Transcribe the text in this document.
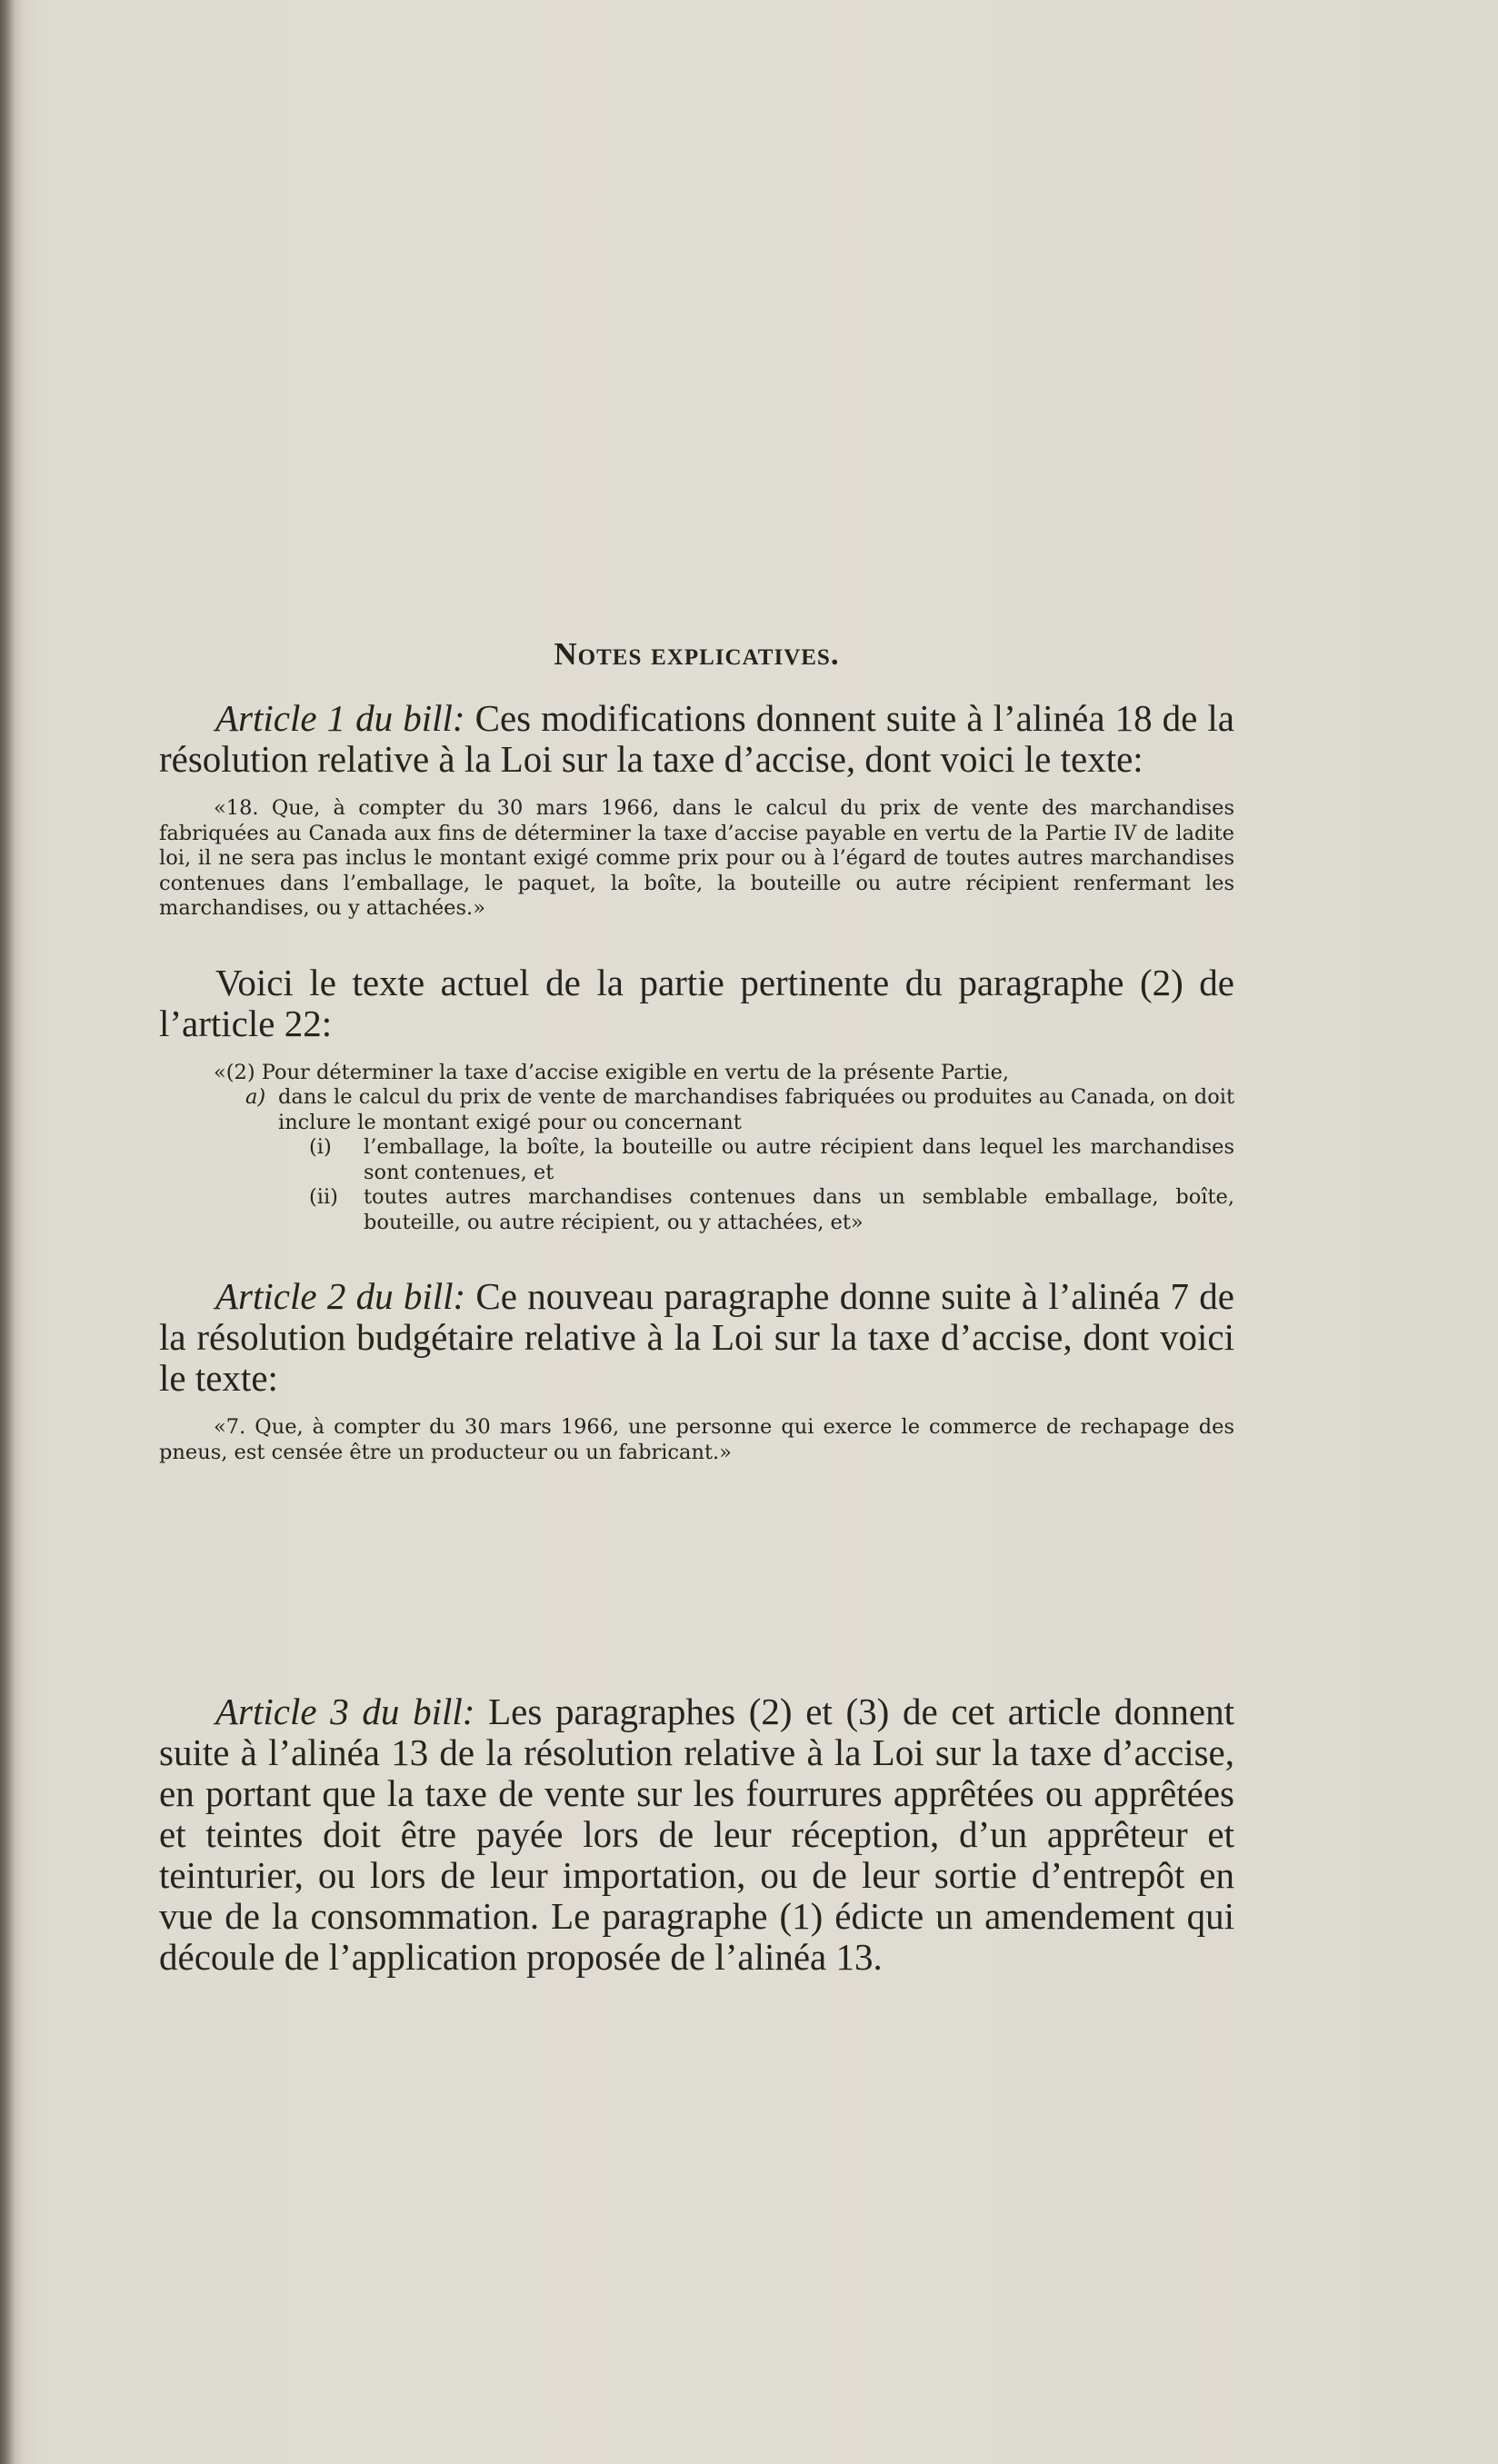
Notes explicatives.

Article 1 du bill: Ces modifications donnent suite à l’alinéa 18 de la résolution relative à la Loi sur la taxe d’accise, dont voici le texte:

«18. Que, à compter du 30 mars 1966, dans le calcul du prix de vente des marchandises fabriquées au Canada aux fins de déterminer la taxe d’accise payable en vertu de la Partie IV de ladite loi, il ne sera pas inclus le montant exigé comme prix pour ou à l’égard de toutes autres marchandises contenues dans l’emballage, le paquet, la boîte, la bouteille ou autre récipient renfermant les marchandises, ou y attachées.»

Voici le texte actuel de la partie pertinente du paragraphe (2) de l’article 22:

«(2) Pour déterminer la taxe d’accise exigible en vertu de la présente Partie,

a) dans le calcul du prix de vente de marchandises fabriquées ou produites au Canada, on doit inclure le montant exigé pour ou concernant
(i)	l’emballage, la boîte, la bouteille ou autre récipient dans lequel les marchandises sont contenues, et
(ii)	toutes autres marchandises contenues dans un semblable emballage, boîte, bouteille, ou autre récipient, ou y attachées, et»

Article 2 du bill: Ce nouveau paragraphe donne suite à l’alinéa 7 de la résolution budgétaire relative à la Loi sur la taxe d’accise, dont voici le texte:

«7. Que, à compter du 30 mars 1966, une personne qui exerce le commerce de rechapage des pneus, est censée être un producteur ou un fabricant.»

Article 3 du bill: Les paragraphes (2) et (3) de cet article donnent suite à l’alinéa 13 de la résolution relative à la Loi sur la taxe d’accise, en portant que la taxe de vente sur les fourrures apprêtées ou apprêtées et teintes doit être payée lors de leur réception, d’un apprêteur et teinturier, ou lors de leur importation, ou de leur sortie d’entrepôt en vue de la consommation. Le paragraphe (1) édicte un amendement qui découle de l’application proposée de l’alinéa 13.
